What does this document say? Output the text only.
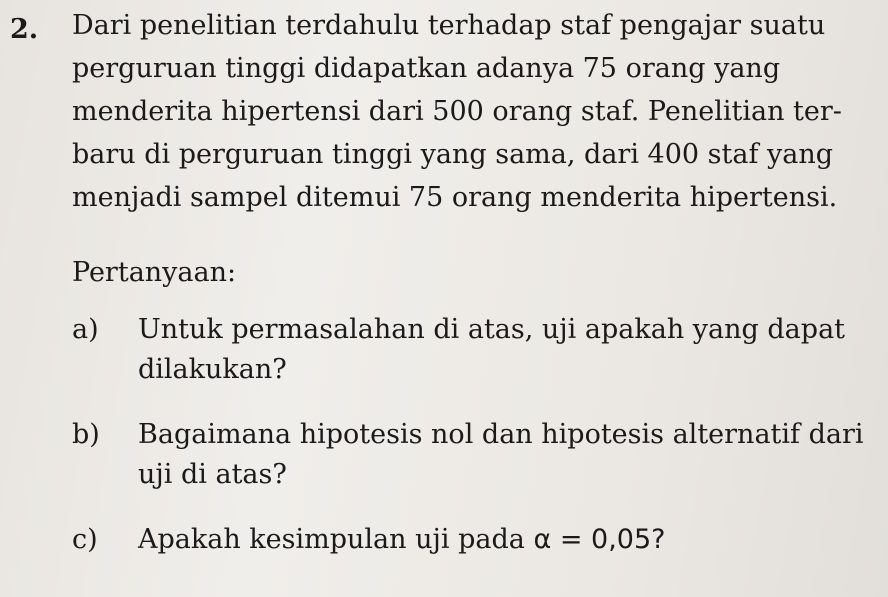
2. Dari penelitian terdahulu terhadap staf pengajar suatu
perguruan tinggi didapatkan adanya 75 orang yang
menderita hipertensi dari 500 orang staf. Penelitian ter-
baru di perguruan tinggi yang sama, dari 400 staf yang
menjadi sampel ditemui 75 orang menderita hipertensi.
Pertanyaan:
a)	Untuk permasalahan di atas, uji apakah yang dapat
dilakukan?
b)	Bagaimana hipotesis nol dan hipotesis alternatif dari
uji di atas?
c)	Apakah kesimpulan uji pada α = 0,05?
